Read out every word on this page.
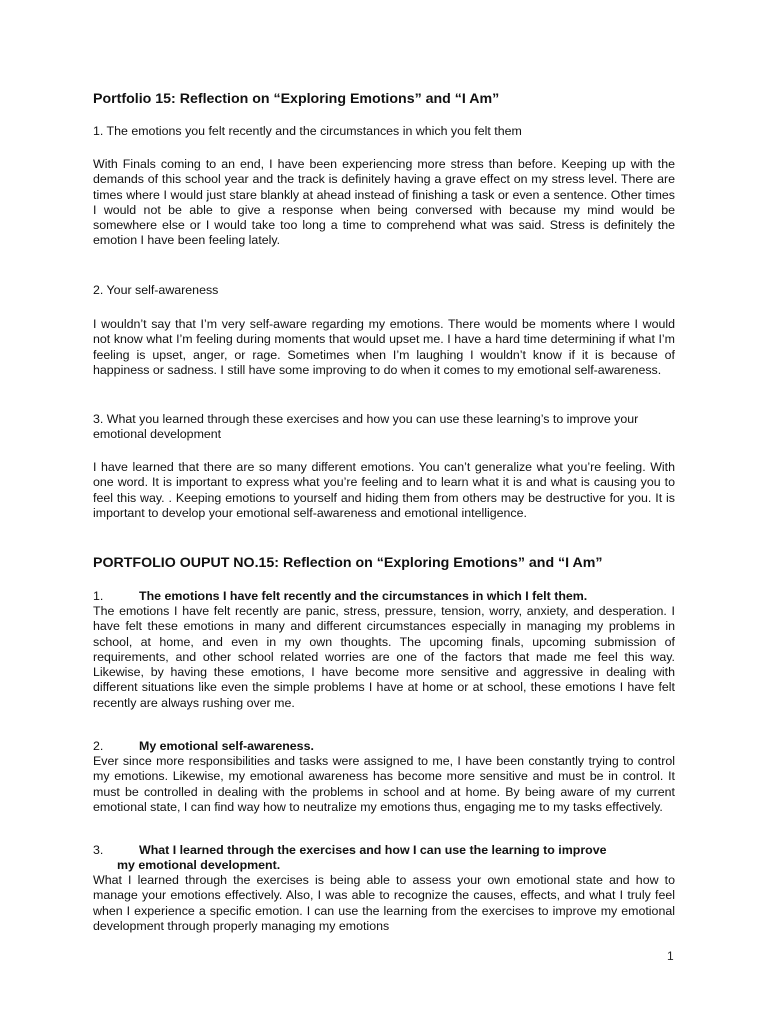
Portfolio 15: Reflection on “Exploring Emotions” and “I Am”
1. The emotions you felt recently and the circumstances in which you felt them
With Finals coming to an end, I have been experiencing more stress than before. Keeping up with the demands of this school year and the track is definitely having a grave effect on my stress level. There are times where I would just stare blankly at ahead instead of finishing a task or even a sentence. Other times I would not be able to give a response when being conversed with because my mind would be somewhere else or I would take too long a time to comprehend what was said. Stress is definitely the emotion I have been feeling lately.
2. Your self-awareness
I wouldn’t say that I’m very self-aware regarding my emotions. There would be moments where I would not know what I’m feeling during moments that would upset me. I have a hard time determining if what I’m feeling is upset, anger, or rage. Sometimes when I’m laughing I wouldn’t know if it is because of happiness or sadness. I still have some improving to do when it comes to my emotional self-awareness.
3. What you learned through these exercises and how you can use these learning’s to improve your emotional development
I have learned that there are so many different emotions. You can’t generalize what you’re feeling. With one word. It is important to express what you’re feeling and to learn what it is and what is causing you to feel this way. . Keeping emotions to yourself and hiding them from others may be destructive for you. It is important to develop your emotional self-awareness and emotional intelligence.
PORTFOLIO OUPUT NO.15: Reflection on “Exploring Emotions” and “I Am”
1.	The emotions I have felt recently and the circumstances in which I felt them.
The emotions I have felt recently are panic, stress, pressure, tension, worry, anxiety, and desperation. I have felt these emotions in many and different circumstances especially in managing my problems in school, at home, and even in my own thoughts. The upcoming finals, upcoming submission of requirements, and other school related worries are one of the factors that made me feel this way. Likewise, by having these emotions, I have become more sensitive and aggressive in dealing with different situations like even the simple problems I have at home or at school, these emotions I have felt recently are always rushing over me.
2.	My emotional self-awareness.
Ever since more responsibilities and tasks were assigned to me, I have been constantly trying to control my emotions. Likewise, my emotional awareness has become more sensitive and must be in control. It must be controlled in dealing with the problems in school and at home. By being aware of my current emotional state, I can find way how to neutralize my emotions thus, engaging me to my tasks effectively.
3.	What I learned through the exercises and how I can use the learning to improve
my emotional development.
What I learned through the exercises is being able to assess your own emotional state and how to manage your emotions effectively. Also, I was able to recognize the causes, effects, and what I truly feel when I experience a specific emotion. I can use the learning from the exercises to improve my emotional development through properly managing my emotions
1
